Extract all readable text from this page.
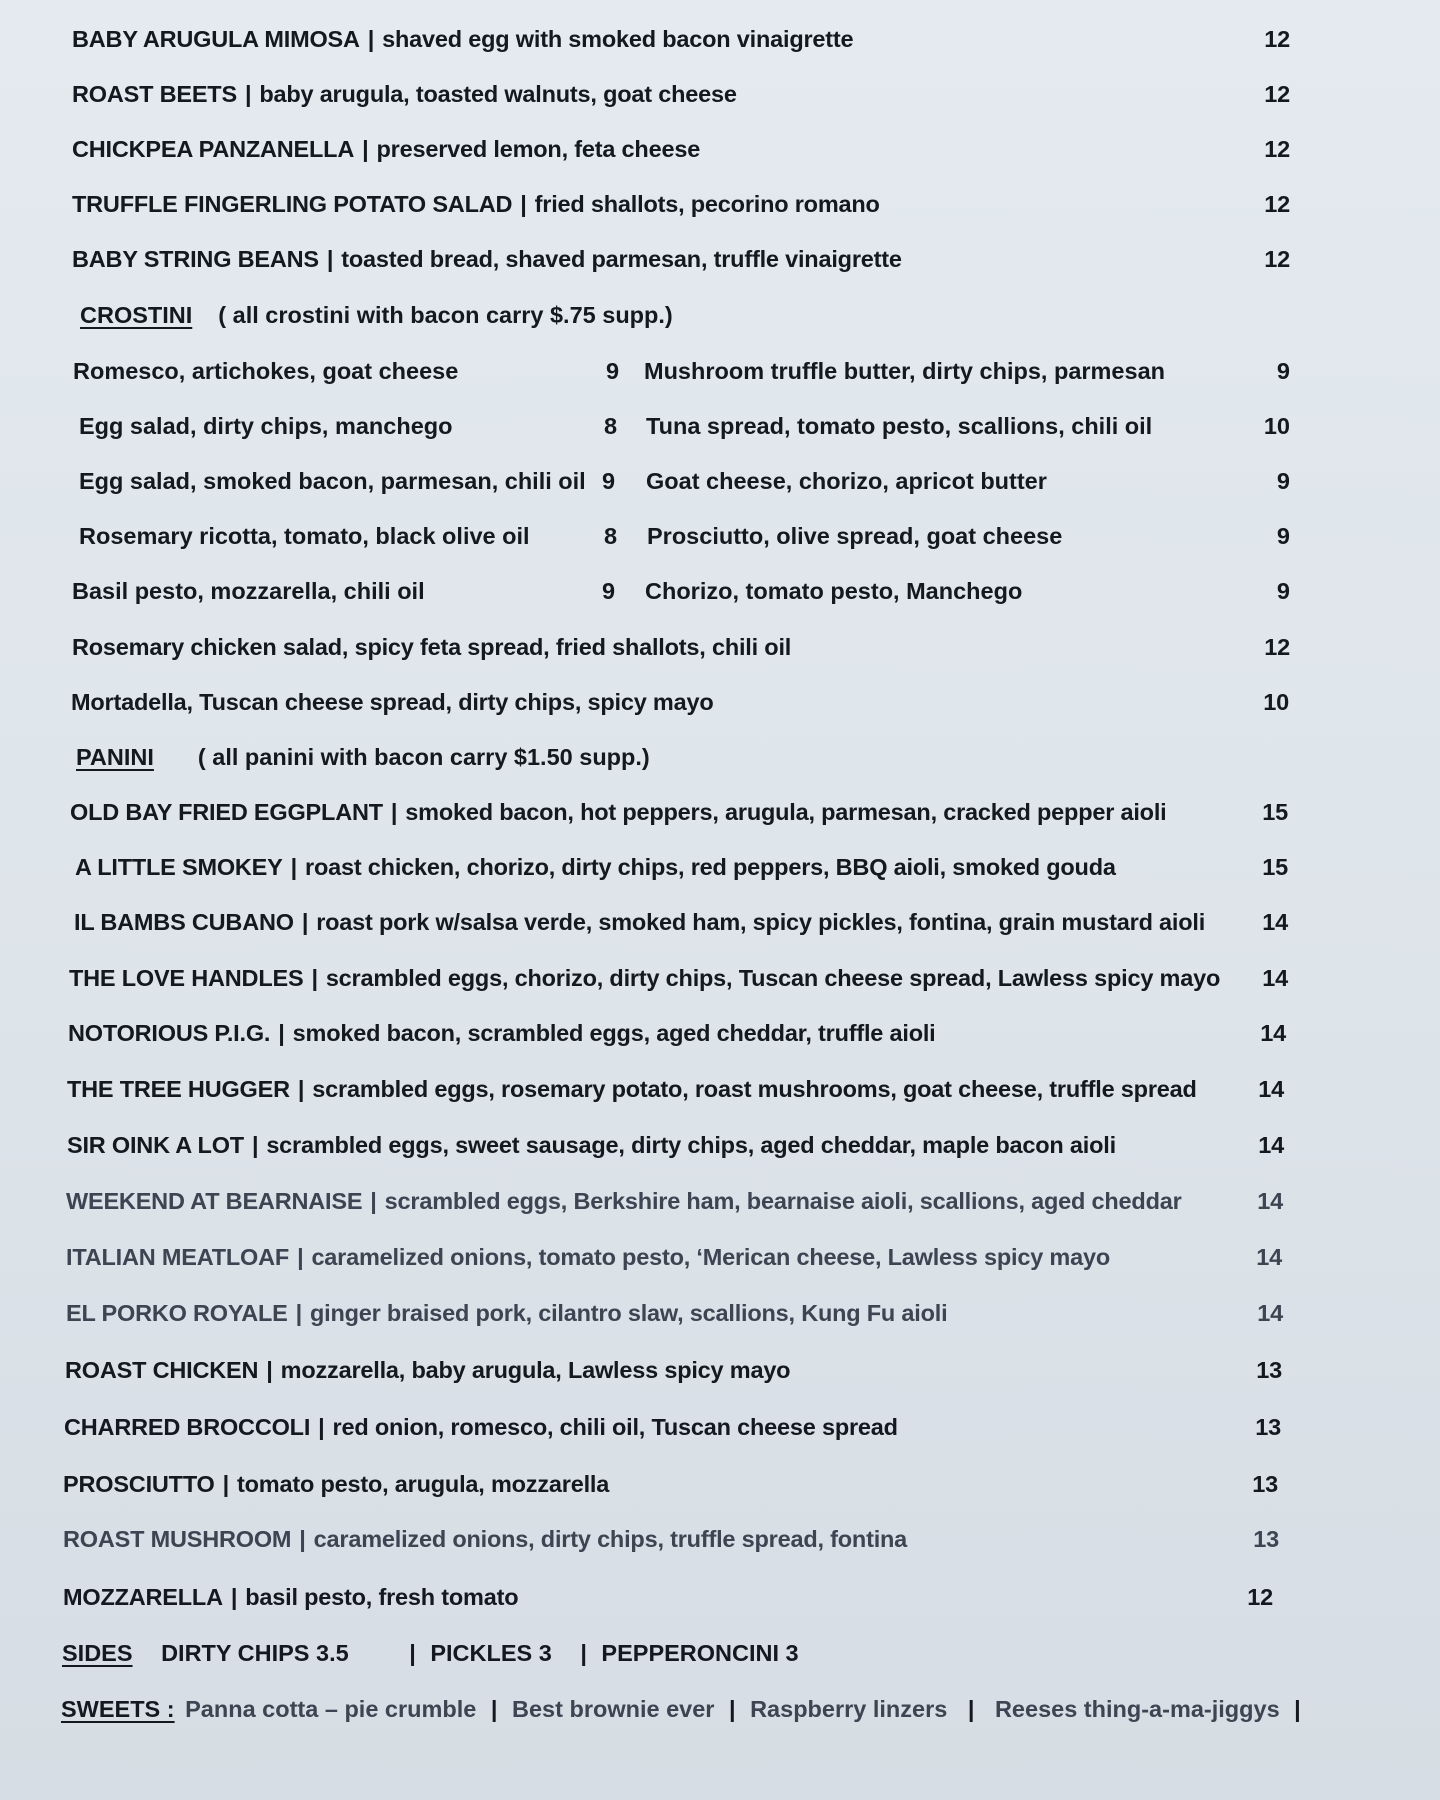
BABY ARUGULA MIMOSA | shaved egg with smoked bacon vinaigrette	12
ROAST BEETS | baby arugula, toasted walnuts, goat cheese	12
CHICKPEA PANZANELLA | preserved lemon, feta cheese	12
TRUFFLE FINGERLING POTATO SALAD | fried shallots, pecorino romano	12
BABY STRING BEANS | toasted bread, shaved parmesan, truffle vinaigrette	12
CROSTINI ( all crostini with bacon carry $.75 supp.)
Romesco, artichokes, goat cheese	9 Mushroom truffle butter, dirty chips, parmesan	9
Egg salad, dirty chips, manchego	8 Tuna spread, tomato pesto, scallions, chili oil	10
Egg salad, smoked bacon, parmesan, chili oil 9 Goat cheese, chorizo, apricot butter	9
Rosemary ricotta, tomato, black olive oil	8 Prosciutto, olive spread, goat cheese	9
Basil pesto, mozzarella, chili oil	9 Chorizo, tomato pesto, Manchego	9
Rosemary chicken salad, spicy feta spread, fried shallots, chili oil	12
Mortadella, Tuscan cheese spread, dirty chips, spicy mayo	10
PANINI ( all panini with bacon carry $1.50 supp.)
OLD BAY FRIED EGGPLANT | smoked bacon, hot peppers, arugula, parmesan, cracked pepper aioli	15
A LITTLE SMOKEY | roast chicken, chorizo, dirty chips, red peppers, BBQ aioli, smoked gouda	15
IL BAMBS CUBANO | roast pork w/salsa verde, smoked ham, spicy pickles, fontina, grain mustard aioli	14
THE LOVE HANDLES | scrambled eggs, chorizo, dirty chips, Tuscan cheese spread, Lawless spicy mayo	14
NOTORIOUS P.I.G. | smoked bacon, scrambled eggs, aged cheddar, truffle aioli	14
THE TREE HUGGER | scrambled eggs, rosemary potato, roast mushrooms, goat cheese, truffle spread	14
SIR OINK A LOT | scrambled eggs, sweet sausage, dirty chips, aged cheddar, maple bacon aioli	14
WEEKEND AT BEARNAISE | scrambled eggs, Berkshire ham, bearnaise aioli, scallions, aged cheddar	14
ITALIAN MEATLOAF | caramelized onions, tomato pesto, ‘Merican cheese, Lawless spicy mayo	14
EL PORKO ROYALE | ginger braised pork, cilantro slaw, scallions, Kung Fu aioli	14
ROAST CHICKEN | mozzarella, baby arugula, Lawless spicy mayo	13
CHARRED BROCCOLI | red onion, romesco, chili oil, Tuscan cheese spread	13
PROSCIUTTO | tomato pesto, arugula, mozzarella	13
ROAST MUSHROOM | caramelized onions, dirty chips, truffle spread, fontina	13
MOZZARELLA | basil pesto, fresh tomato	12
SIDES DIRTY CHIPS 3.5	| PICKLES 3 | PEPPERONCINI 3
SWEETS : Panna cotta – pie crumble | Best brownie ever | Raspberry linzers | Reeses thing-a-ma-jiggys |
